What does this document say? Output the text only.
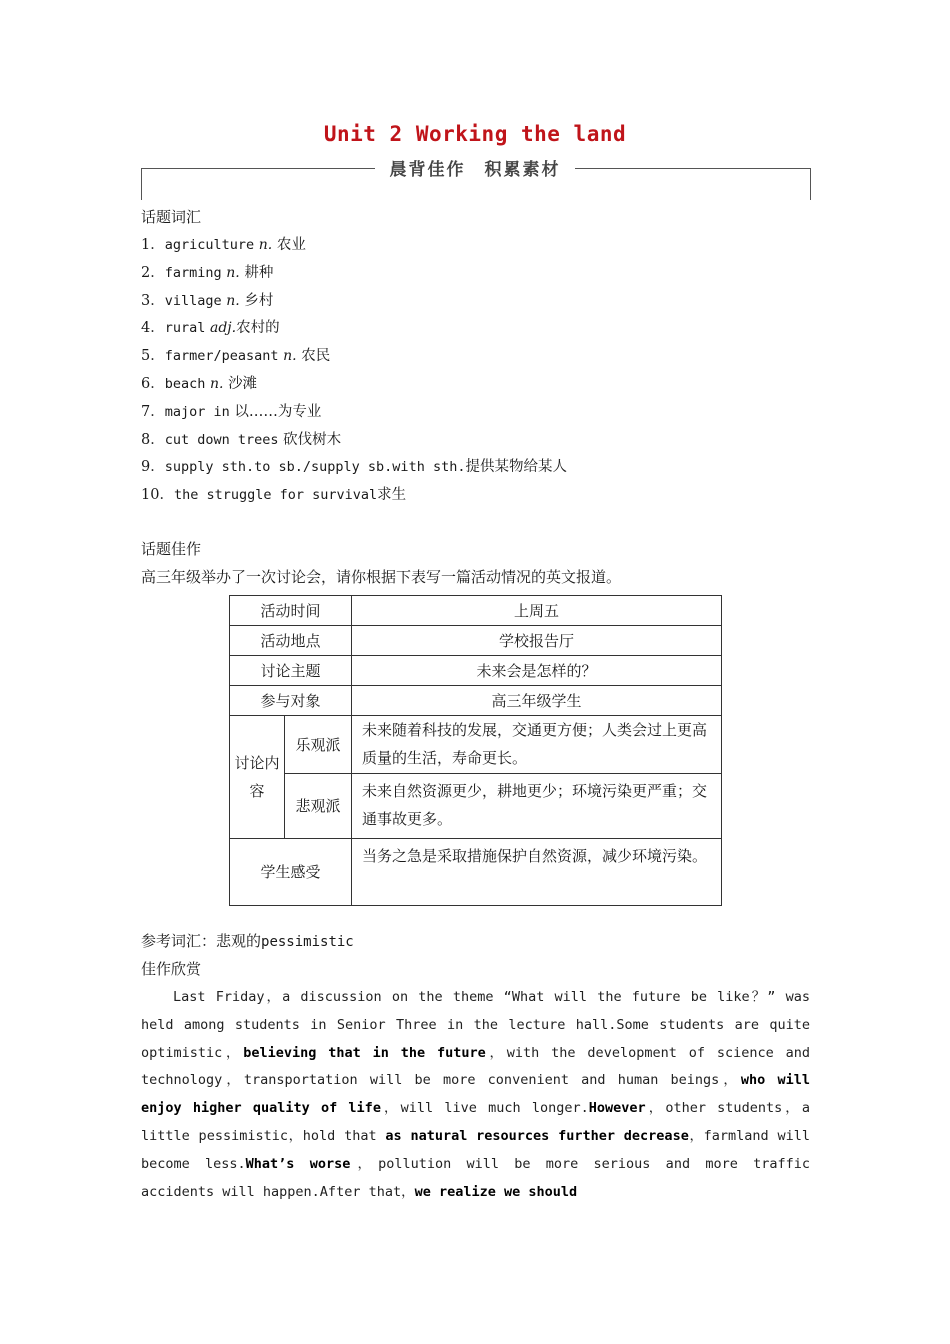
Unit 2 Working the land
晨背佳作　积累素材
话题词汇
1．agriculture n. 农业
2．farming n. 耕种
3．village n. 乡村
4．rural adj.农村的
5．farmer/peasant n. 农民
6．beach n. 沙滩
7．major in 以……为专业
8．cut down trees 砍伐树木
9．supply sth.to sb./supply sb.with sth.提供某物给某人
10．the struggle for survival求生
话题佳作
高三年级举办了一次讨论会，请你根据下表写一篇活动情况的英文报道。
活动时间		上周五
活动地点		学校报告厅
讨论主题		未来会是怎样的？
参与对象		高三年级学生
讨论内容	乐观派	未来随着科技的发展，交通更方便；人类会过上更高质量的生活，寿命更长。
	悲观派	未来自然资源更少，耕地更少；环境污染更严重；交通事故更多。
学生感受		当务之急是采取措施保护自然资源，减少环境污染。
参考词汇：悲观的pessimistic
佳作欣赏

Last Friday，a discussion on the theme “What will the future be like？” was held among students in Senior Three in the lecture hall.Some students are quite optimistic，believing that in the future，with the development of science and technology，transportation will be more convenient and human beings，who will enjoy higher quality of life，will live much longer.However，other students，a little pessimistic，hold that as natural resources further decrease，farmland will become less.What’s worse，pollution will be more serious and more traffic accidents will happen.After that，we realize we should
